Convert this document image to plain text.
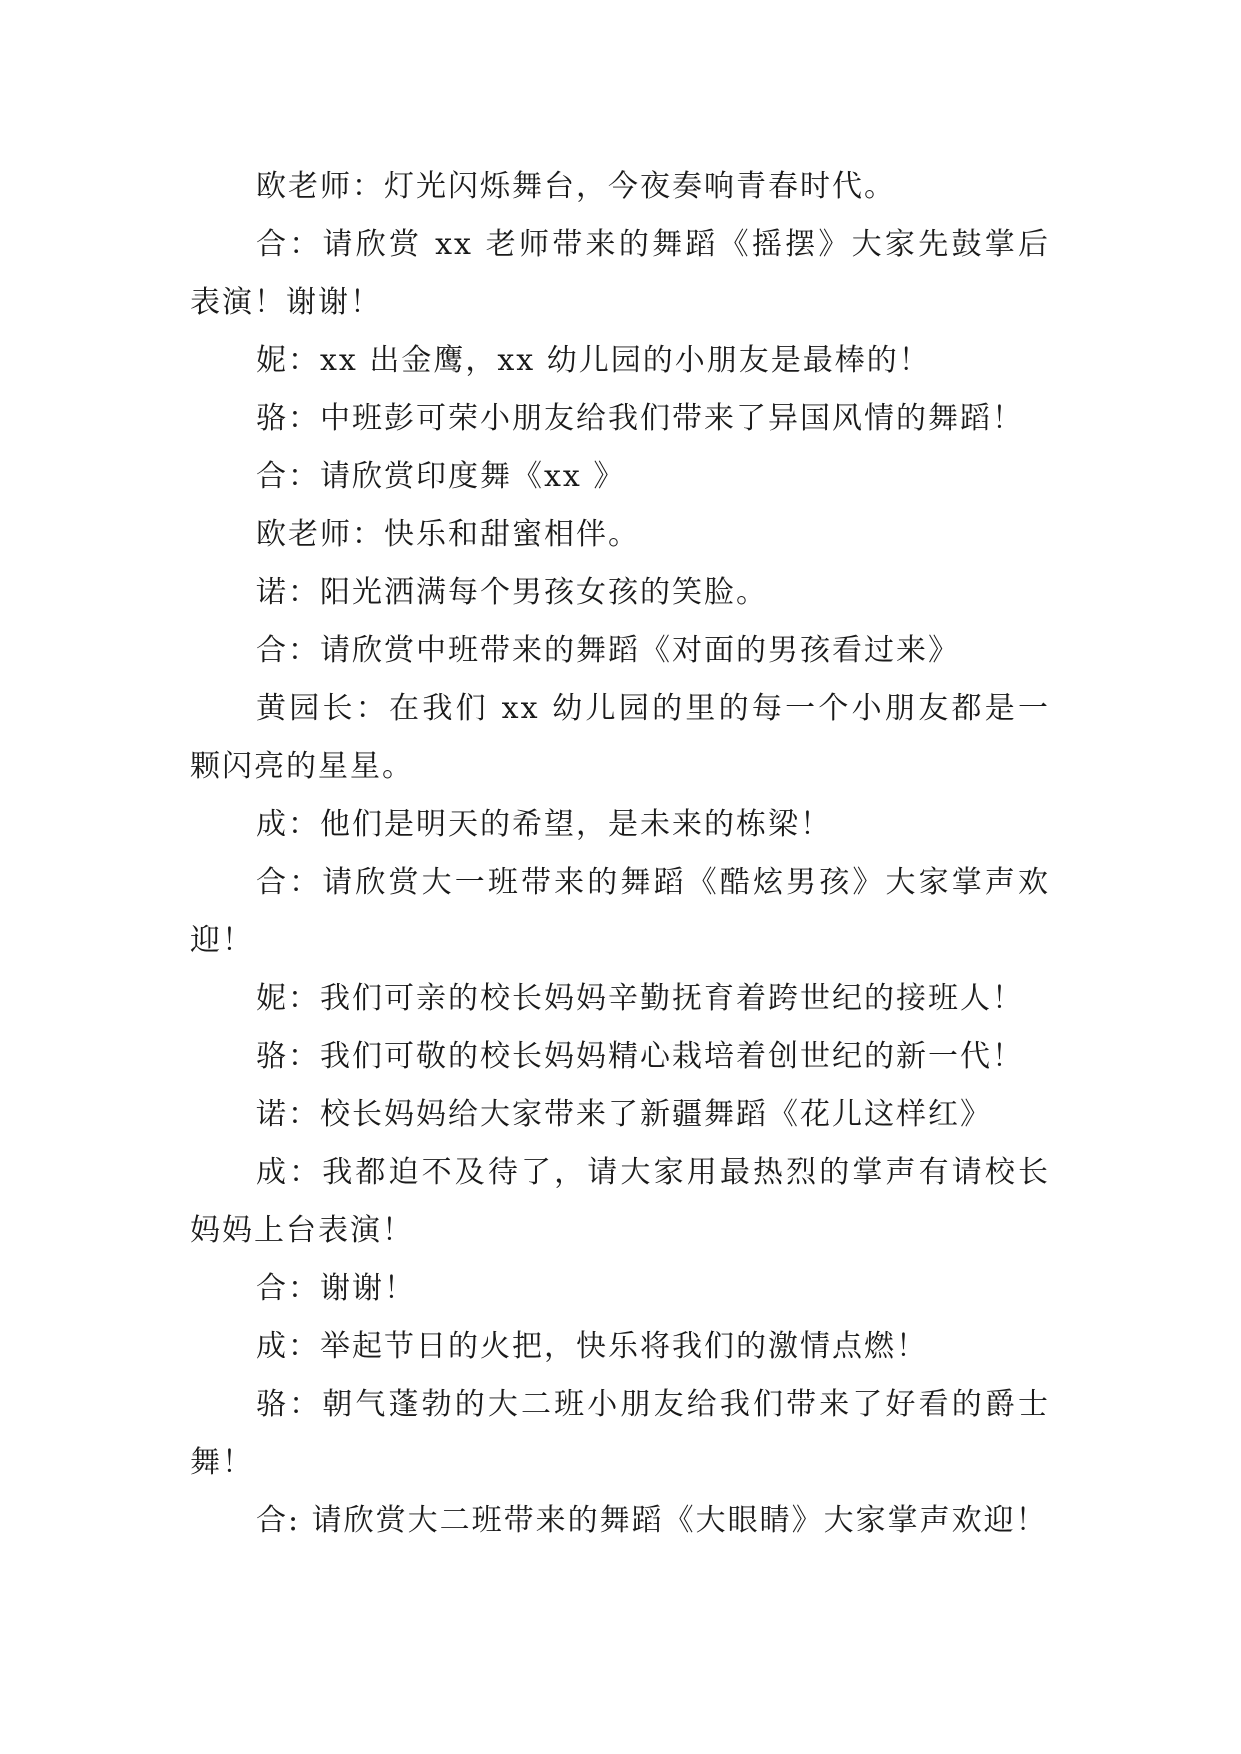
欧老师：灯光闪烁舞台，今夜奏响青春时代。

合：请欣赏 xx 老师带来的舞蹈《摇摆》大家先鼓掌后表演！谢谢！

妮：xx 出金鹰，xx 幼儿园的小朋友是最棒的！

骆：中班彭可荣小朋友给我们带来了异国风情的舞蹈！

合：请欣赏印度舞《xx 》

欧老师：快乐和甜蜜相伴。

诺：阳光洒满每个男孩女孩的笑脸。

合：请欣赏中班带来的舞蹈《对面的男孩看过来》

黄园长：在我们 xx 幼儿园的里的每一个小朋友都是一颗闪亮的星星。

成：他们是明天的希望，是未来的栋梁！

合：请欣赏大一班带来的舞蹈《酷炫男孩》大家掌声欢迎！

妮：我们可亲的校长妈妈辛勤抚育着跨世纪的接班人！

骆：我们可敬的校长妈妈精心栽培着创世纪的新一代！

诺：校长妈妈给大家带来了新疆舞蹈《花儿这样红》

成：我都迫不及待了，请大家用最热烈的掌声有请校长妈妈上台表演！

合：谢谢！

成：举起节日的火把，快乐将我们的激情点燃！

骆：朝气蓬勃的大二班小朋友给我们带来了好看的爵士舞！

合: 请欣赏大二班带来的舞蹈《大眼睛》大家掌声欢迎！
